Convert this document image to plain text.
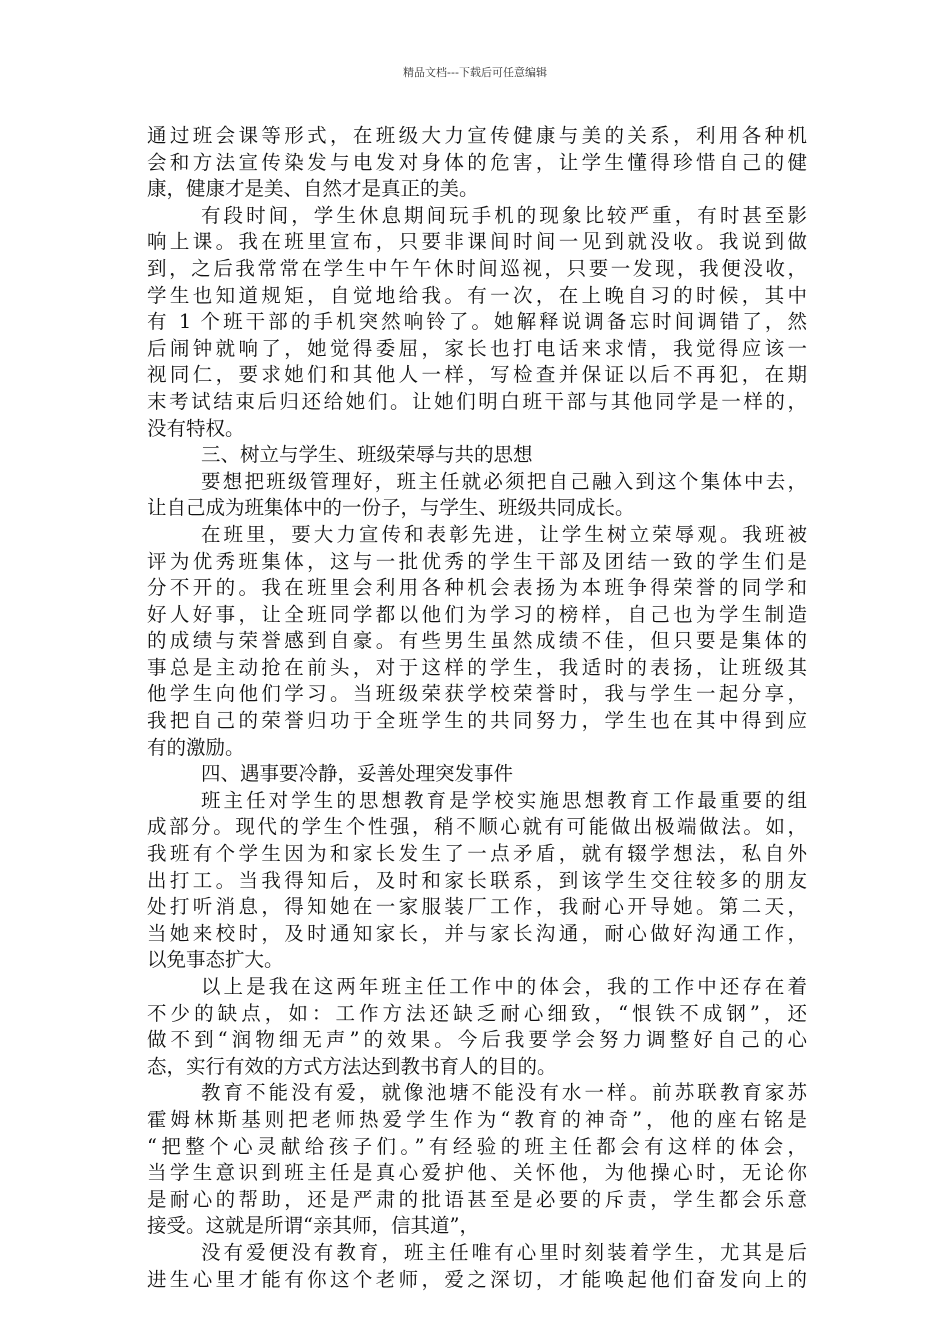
精品文档---下载后可任意编辑
通过班会课等形式，在班级大力宣传健康与美的关系，利用各种机
会和方法宣传染发与电发对身体的危害，让学生懂得珍惜自己的健
康，健康才是美、自然才是真正的美。
有段时间，学生休息期间玩手机的现象比较严重，有时甚至影
响上课。我在班里宣布，只要非课间时间一见到就没收。我说到做
到，之后我常常在学生中午午休时间巡视，只要一发现，我便没收，
学生也知道规矩，自觉地给我。有一次，在上晚自习的时候，其中
有 1 个班干部的手机突然响铃了。她解释说调备忘时间调错了，然
后闹钟就响了，她觉得委屈，家长也打电话来求情，我觉得应该一
视同仁，要求她们和其他人一样，写检查并保证以后不再犯，在期
末考试结束后归还给她们。让她们明白班干部与其他同学是一样的，
没有特权。
三、树立与学生、班级荣辱与共的思想
要想把班级管理好，班主任就必须把自己融入到这个集体中去，
让自己成为班集体中的一份子，与学生、班级共同成长。
在班里，要大力宣传和表彰先进，让学生树立荣辱观。我班被
评为优秀班集体，这与一批优秀的学生干部及团结一致的学生们是
分不开的。我在班里会利用各种机会表扬为本班争得荣誉的同学和
好人好事，让全班同学都以他们为学习的榜样，自己也为学生制造
的成绩与荣誉感到自豪。有些男生虽然成绩不佳，但只要是集体的
事总是主动抢在前头，对于这样的学生，我适时的表扬，让班级其
他学生向他们学习。当班级荣获学校荣誉时，我与学生一起分享，
我把自己的荣誉归功于全班学生的共同努力，学生也在其中得到应
有的激励。
四、遇事要冷静，妥善处理突发事件
班主任对学生的思想教育是学校实施思想教育工作最重要的组
成部分。现代的学生个性强，稍不顺心就有可能做出极端做法。如，
我班有个学生因为和家长发生了一点矛盾，就有辍学想法，私自外
出打工。当我得知后，及时和家长联系，到该学生交往较多的朋友
处打听消息，得知她在一家服装厂工作，我耐心开导她。第二天，
当她来校时，及时通知家长，并与家长沟通，耐心做好沟通工作，
以免事态扩大。
以上是我在这两年班主任工作中的体会，我的工作中还存在着
不少的缺点，如：工作方法还缺乏耐心细致，“恨铁不成钢”，还
做不到“润物细无声”的效果。今后我要学会努力调整好自己的心
态，实行有效的方式方法达到教书育人的目的。
教育不能没有爱，就像池塘不能没有水一样。前苏联教育家苏
霍姆林斯基则把老师热爱学生作为“教育的神奇”，他的座右铭是
“把整个心灵献给孩子们。”有经验的班主任都会有这样的体会，
当学生意识到班主任是真心爱护他、关怀他，为他操心时，无论你
是耐心的帮助，还是严肃的批语甚至是必要的斥责，学生都会乐意
接受。这就是所谓“亲其师，信其道”，
没有爱便没有教育，班主任唯有心里时刻装着学生，尤其是后
进生心里才能有你这个老师，爱之深切，才能唤起他们奋发向上的
